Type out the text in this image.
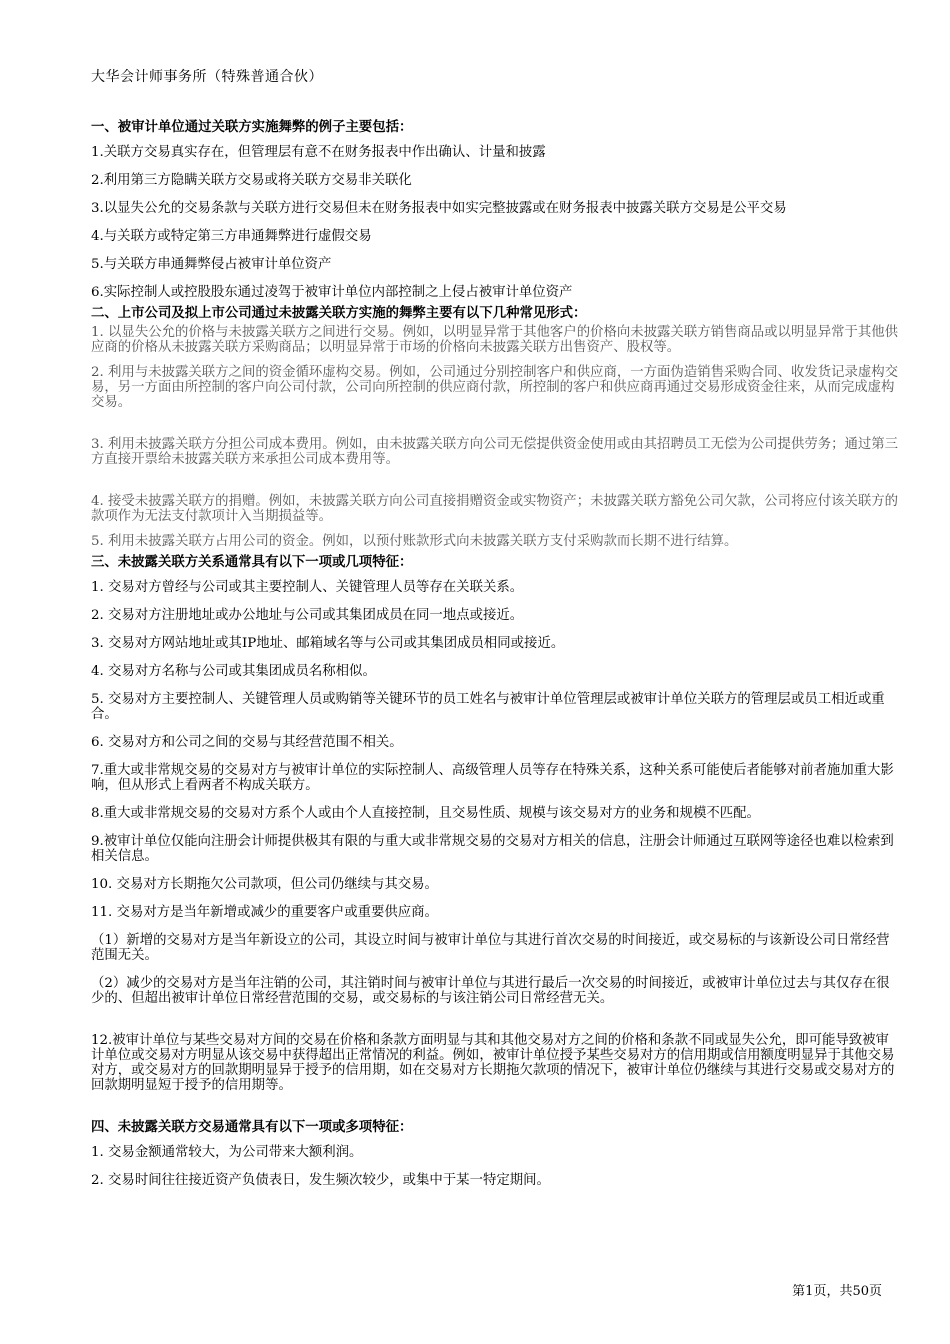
大华会计师事务所（特殊普通合伙）
一、被审计单位通过关联方实施舞弊的例子主要包括：
1.关联方交易真实存在，但管理层有意不在财务报表中作出确认、计量和披露
2.利用第三方隐瞒关联方交易或将关联方交易非关联化
3.以显失公允的交易条款与关联方进行交易但未在财务报表中如实完整披露或在财务报表中披露关联方交易是公平交易
4.与关联方或特定第三方串通舞弊进行虚假交易
5.与关联方串通舞弊侵占被审计单位资产
6.实际控制人或控股股东通过凌驾于被审计单位内部控制之上侵占被审计单位资产
二、上市公司及拟上市公司通过未披露关联方实施的舞弊主要有以下几种常见形式：
1. 以显失公允的价格与未披露关联方之间进行交易。例如，以明显异常于其他客户的价格向未披露关联方销售商品或以明显异常于其他供应商的价格从未披露关联方采购商品；以明显异常于市场的价格向未披露关联方出售资产、股权等。
2. 利用与未披露关联方之间的资金循环虚构交易。例如，公司通过分别控制客户和供应商，一方面伪造销售采购合同、收发货记录虚构交易，另一方面由所控制的客户向公司付款，公司向所控制的供应商付款，所控制的客户和供应商再通过交易形成资金往来，从而完成虚构交易。
3. 利用未披露关联方分担公司成本费用。例如，由未披露关联方向公司无偿提供资金使用或由其招聘员工无偿为公司提供劳务；通过第三方直接开票给未披露关联方来承担公司成本费用等。
4. 接受未披露关联方的捐赠。例如，未披露关联方向公司直接捐赠资金或实物资产；未披露关联方豁免公司欠款，公司将应付该关联方的款项作为无法支付款项计入当期损益等。
5. 利用未披露关联方占用公司的资金。例如，以预付账款形式向未披露关联方支付采购款而长期不进行结算。
三、未披露关联方关系通常具有以下一项或几项特征：
1. 交易对方曾经与公司或其主要控制人、关键管理人员等存在关联关系。
2. 交易对方注册地址或办公地址与公司或其集团成员在同一地点或接近。
3. 交易对方网站地址或其IP地址、邮箱域名等与公司或其集团成员相同或接近。
4. 交易对方名称与公司或其集团成员名称相似。
5. 交易对方主要控制人、关键管理人员或购销等关键环节的员工姓名与被审计单位管理层或被审计单位关联方的管理层或员工相近或重合。
6. 交易对方和公司之间的交易与其经营范围不相关。
7.重大或非常规交易的交易对方与被审计单位的实际控制人、高级管理人员等存在特殊关系，这种关系可能使后者能够对前者施加重大影响，但从形式上看两者不构成关联方。
8.重大或非常规交易的交易对方系个人或由个人直接控制，且交易性质、规模与该交易对方的业务和规模不匹配。
9.被审计单位仅能向注册会计师提供极其有限的与重大或非常规交易的交易对方相关的信息，注册会计师通过互联网等途径也难以检索到相关信息。
10. 交易对方长期拖欠公司款项，但公司仍继续与其交易。
11. 交易对方是当年新增或减少的重要客户或重要供应商。
（1）新增的交易对方是当年新设立的公司，其设立时间与被审计单位与其进行首次交易的时间接近，或交易标的与该新设公司日常经营范围无关。
（2）减少的交易对方是当年注销的公司，其注销时间与被审计单位与其进行最后一次交易的时间接近，或被审计单位过去与其仅存在很少的、但超出被审计单位日常经营范围的交易，或交易标的与该注销公司日常经营无关。
12.被审计单位与某些交易对方间的交易在价格和条款方面明显与其和其他交易对方之间的价格和条款不同或显失公允，即可能导致被审计单位或交易对方明显从该交易中获得超出正常情况的利益。例如，被审计单位授予某些交易对方的信用期或信用额度明显异于其他交易对方，或交易对方的回款期明显异于授予的信用期，如在交易对方长期拖欠款项的情况下，被审计单位仍继续与其进行交易或交易对方的回款期明显短于授予的信用期等。
四、未披露关联方交易通常具有以下一项或多项特征：
1. 交易金额通常较大，为公司带来大额利润。
2. 交易时间往往接近资产负债表日，发生频次较少，或集中于某一特定期间。
第1页，共50页
